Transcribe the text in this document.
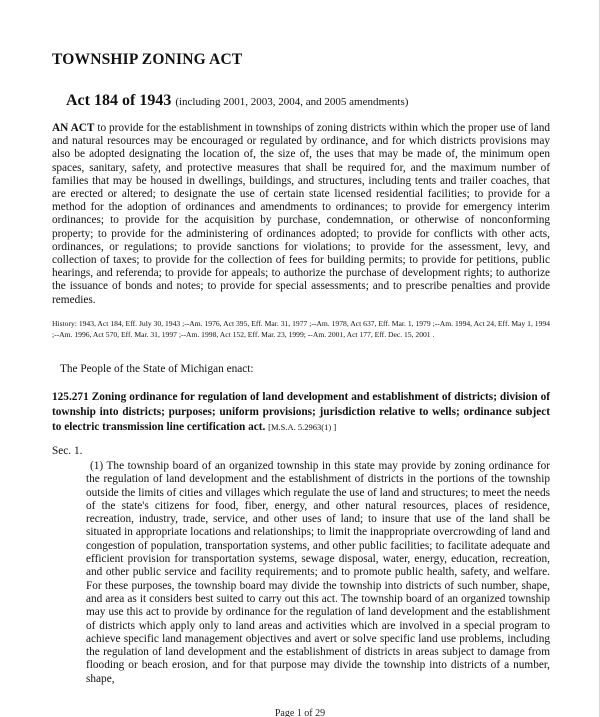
TOWNSHIP ZONING ACT
Act 184 of 1943 (including 2001, 2003, 2004, and 2005 amendments)

AN ACT to provide for the establishment in townships of zoning districts within which the proper use of land and natural resources may be encouraged or regulated by ordinance, and for which districts provisions may also be adopted designating the location of, the size of, the uses that may be made of, the minimum open spaces, sanitary, safety, and protective measures that shall be required for, and the maximum number of families that may be housed in dwellings, buildings, and structures, including tents and trailer coaches, that are erected or altered; to designate the use of certain state licensed residential facilities; to provide for a method for the adoption of ordinances and amendments to ordinances; to provide for emergency interim ordinances; to provide for the acquisition by purchase, condemnation, or otherwise of nonconforming property; to provide for the administering of ordinances adopted; to provide for conflicts with other acts, ordinances, or regulations; to provide sanctions for violations; to provide for the assessment, levy, and collection of taxes; to provide for the collection of fees for building permits; to provide for petitions, public hearings, and referenda; to provide for appeals; to authorize the purchase of development rights; to authorize the issuance of bonds and notes; to provide for special assessments; and to prescribe penalties and provide remedies.

History: 1943, Act 184, Eff. July 30, 1943 ;--Am. 1976, Act 395, Eff. Mar. 31, 1977 ;--Am. 1978, Act 637, Eff. Mar. 1, 1979 ;--Am. 1994, Act 24, Eff. May 1, 1994 ;--Am. 1996, Act 570, Eff. Mar. 31, 1997 ;--Am. 1998, Act 152, Eff. Mar. 23, 1999; --Am. 2001, Act 177, Eff. Dec. 15, 2001 .

The People of the State of Michigan enact:

125.271 Zoning ordinance for regulation of land development and establishment of districts; division of township into districts; purposes; uniform provisions; jurisdiction relative to wells; ordinance subject to electric transmission line certification act. [M.S.A. 5.2963(1) ]

Sec. 1.

(1) The township board of an organized township in this state may provide by zoning ordinance for the regulation of land development and the establishment of districts in the portions of the township outside the limits of cities and villages which regulate the use of land and structures; to meet the needs of the state's citizens for food, fiber, energy, and other natural resources, places of residence, recreation, industry, trade, service, and other uses of land; to insure that use of the land shall be situated in appropriate locations and relationships; to limit the inappropriate overcrowding of land and congestion of population, transportation systems, and other public facilities; to facilitate adequate and efficient provision for transportation systems, sewage disposal, water, energy, education, recreation, and other public service and facility requirements; and to promote public health, safety, and welfare. For these purposes, the township board may divide the township into districts of such number, shape, and area as it considers best suited to carry out this act. The township board of an organized township may use this act to provide by ordinance for the regulation of land development and the establishment of districts which apply only to land areas and activities which are involved in a special program to achieve specific land management objectives and avert or solve specific land use problems, including the regulation of land development and the establishment of districts in areas subject to damage from flooding or beach erosion, and for that purpose may divide the township into districts of a number, shape,

Page 1 of 29
